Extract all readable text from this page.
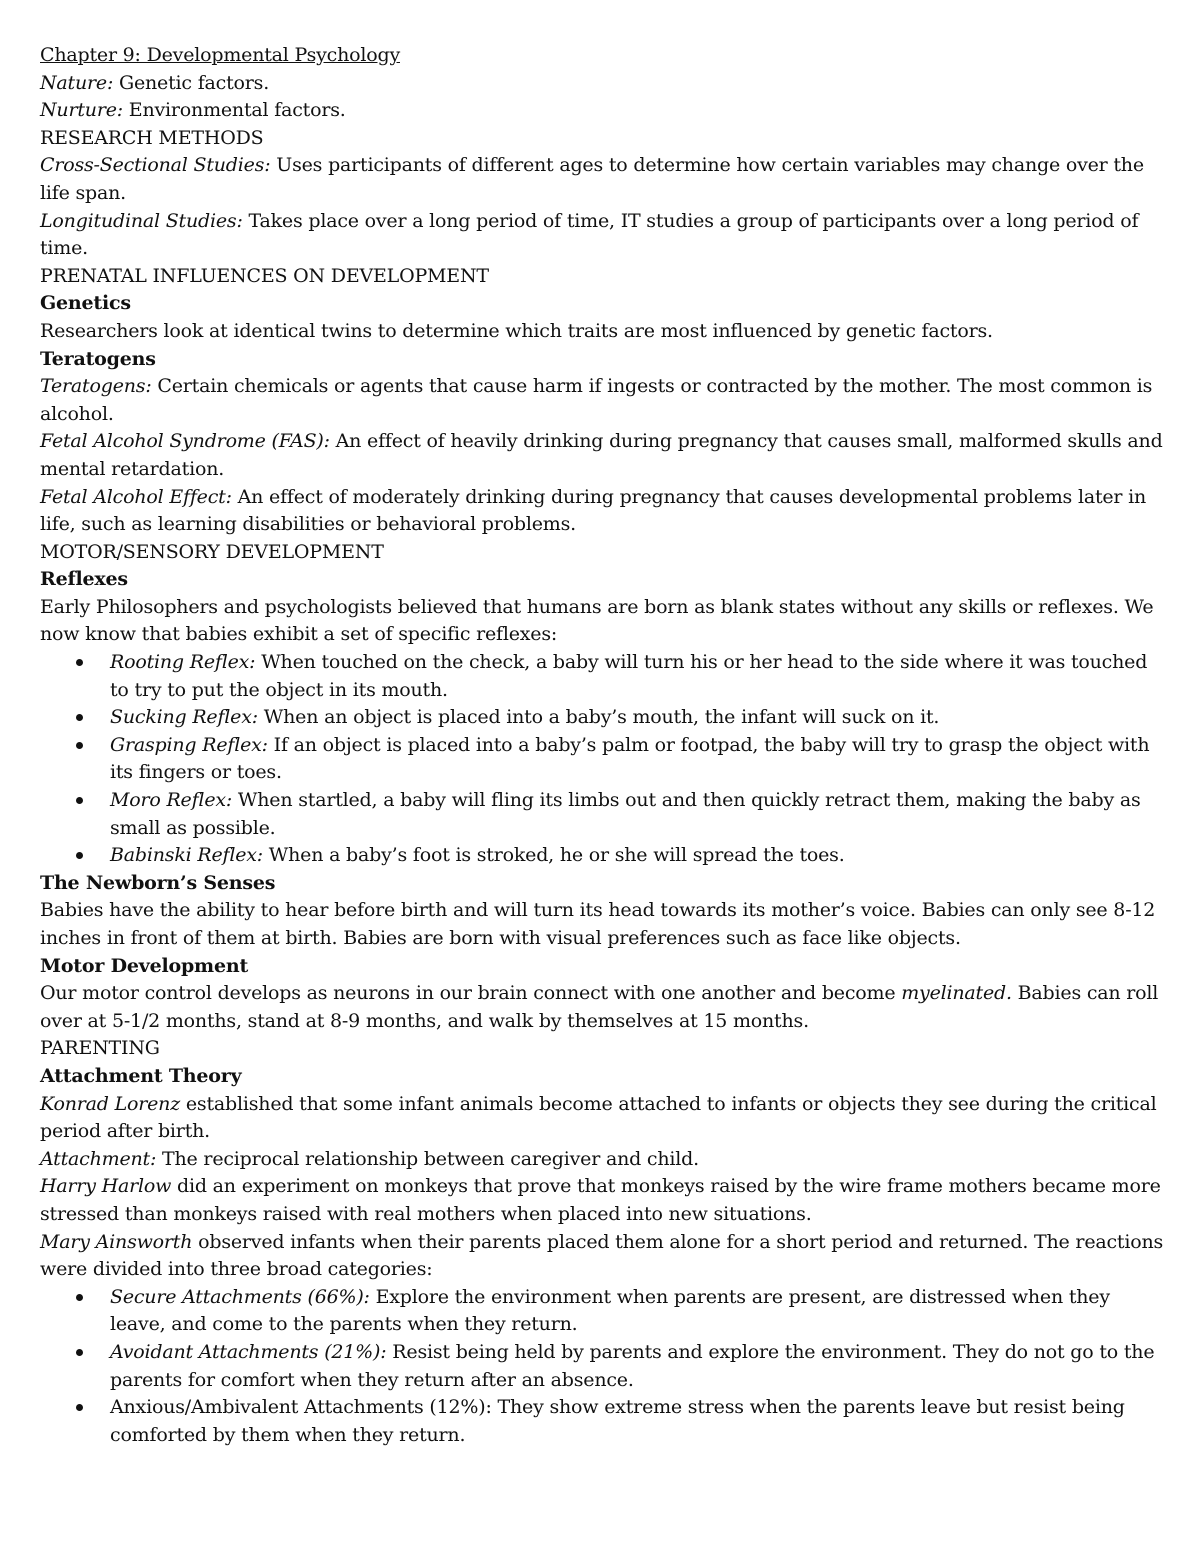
Chapter 9: Developmental Psychology

Nature: Genetic factors.

Nurture: Environmental factors.

RESEARCH METHODS

Cross-Sectional Studies: Uses participants of different ages to determine how certain variables may change over the life span.

Longitudinal Studies: Takes place over a long period of time, IT studies a group of participants over a long period of time.

PRENATAL INFLUENCES ON DEVELOPMENT

Genetics

Researchers look at identical twins to determine which traits are most influenced by genetic factors.

Teratogens

Teratogens: Certain chemicals or agents that cause harm if ingests or contracted by the mother. The most common is alcohol.

Fetal Alcohol Syndrome (FAS): An effect of heavily drinking during pregnancy that causes small, malformed skulls and mental retardation.

Fetal Alcohol Effect: An effect of moderately drinking during pregnancy that causes developmental problems later in life, such as learning disabilities or behavioral problems.

MOTOR/SENSORY DEVELOPMENT

Reflexes

Early Philosophers and psychologists believed that humans are born as blank states without any skills or reflexes. We now know that babies exhibit a set of specific reflexes:

Rooting Reflex: When touched on the check, a baby will turn his or her head to the side where it was touched to try to put the object in its mouth.
Sucking Reflex: When an object is placed into a baby’s mouth, the infant will suck on it.
Grasping Reflex: If an object is placed into a baby’s palm or footpad, the baby will try to grasp the object with its fingers or toes.
Moro Reflex: When startled, a baby will fling its limbs out and then quickly retract them, making the baby as small as possible.
Babinski Reflex: When a baby’s foot is stroked, he or she will spread the toes.

The Newborn’s Senses

Babies have the ability to hear before birth and will turn its head towards its mother’s voice. Babies can only see 8-12 inches in front of them at birth. Babies are born with visual preferences such as face like objects.

Motor Development

Our motor control develops as neurons in our brain connect with one another and become myelinated. Babies can roll over at 5-1/2 months, stand at 8-9 months, and walk by themselves at 15 months.

PARENTING

Attachment Theory

Konrad Lorenz established that some infant animals become attached to infants or objects they see during the critical period after birth.

Attachment: The reciprocal relationship between caregiver and child.

Harry Harlow did an experiment on monkeys that prove that monkeys raised by the wire frame mothers became more stressed than monkeys raised with real mothers when placed into new situations.

Mary Ainsworth observed infants when their parents placed them alone for a short period and returned. The reactions were divided into three broad categories:

Secure Attachments (66%): Explore the environment when parents are present, are distressed when they leave, and come to the parents when they return.
Avoidant Attachments (21%): Resist being held by parents and explore the environment. They do not go to the parents for comfort when they return after an absence.
Anxious/Ambivalent Attachments (12%): They show extreme stress when the parents leave but resist being comforted by them when they return.
